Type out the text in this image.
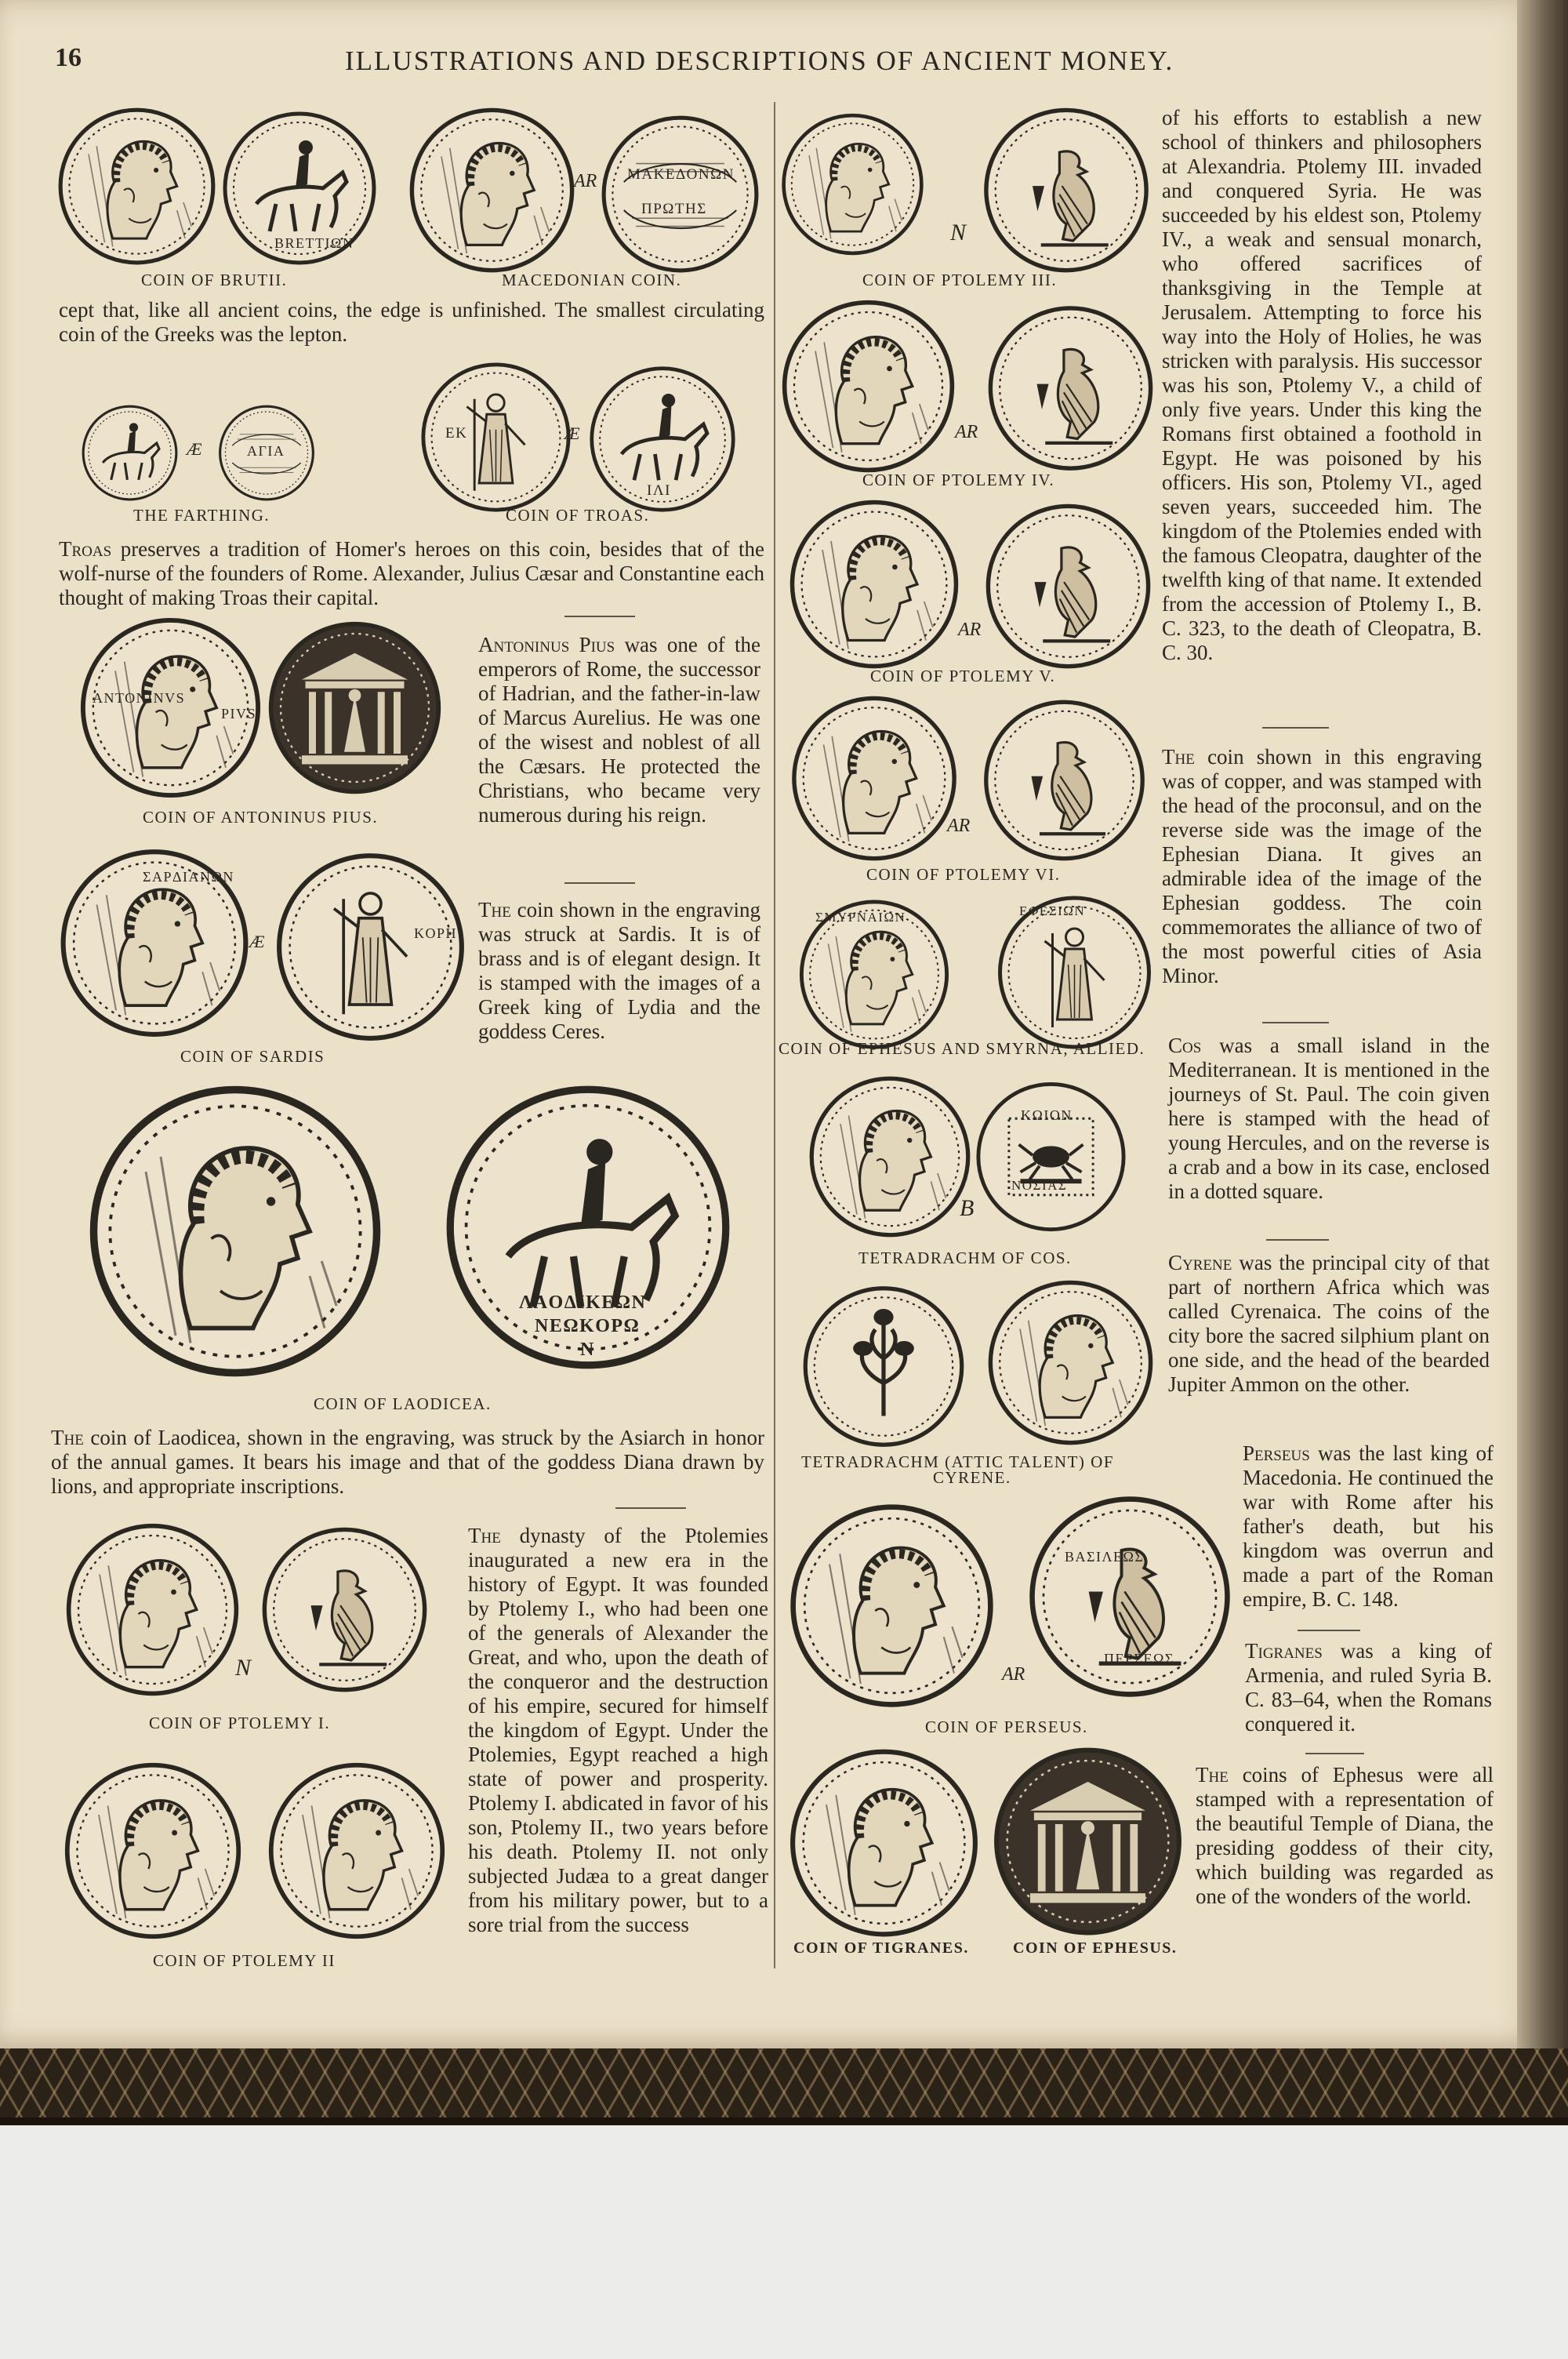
16	ILLUSTRATIONS AND DESCRIPTIONS OF ANCIENT MONEY.
BRETTIΩN
COIN OF BRUTII.
MAKEΔONΩN
ΠPΩTHΣ
AR
MACEDONIAN COIN.

cept that, like all ancient coins, the edge is unfinished. The smallest circulating coin of the Greeks was the lepton.

AΓIA
Æ
THE FARTHING.
ΕΚ
ΙΛΙ
Æ
COIN OF TROAS.

Troas preserves a tradition of Homer's heroes on this coin, besides that of the wolf-nurse of the founders of Rome. Alexander, Julius Cæsar and Constantine each thought of making Troas their capital.

ANTONINVS
PIVS
COIN OF ANTONINUS PIUS.

Antoninus Pius was one of the emperors of Rome, the successor of Hadrian, and the father-in-law of Marcus Aurelius. He was one of the wisest and noblest of all the Cæsars. He protected the Christians, who became very numerous during his reign.

ΣAPΔIANΩN
KOPH
Æ
COIN OF SARDIS

The coin shown in the engraving was struck at Sardis. It is of brass and is of elegant design. It is stamped with the images of a Greek king of Lydia and the goddess Ceres.

ΛAOΔIKEΩN
NEΩKOPΩ
N
COIN OF LAODICEA.

The coin of Laodicea, shown in the engraving, was struck by the Asiarch in honor of the annual games. It bears his image and that of the goddess Diana drawn by lions, and appropriate inscriptions.

N
COIN OF PTOLEMY I.
COIN OF PTOLEMY II

The dynasty of the Ptolemies inaugurated a new era in the history of Egypt. It was founded by Ptolemy I., who had been one of the generals of Alexander the Great, and who, upon the death of the conqueror and the destruction of his empire, secured for himself the kingdom of Egypt. Under the Ptolemies, Egypt reached a high state of power and prosperity. Ptolemy I. abdicated in favor of his son, Ptolemy II., two years before his death. Ptolemy II. not only subjected Judæa to a great danger from his military power, but to a sore trial from the success

N
COIN OF PTOLEMY III.
AR
COIN OF PTOLEMY IV.
AR
COIN OF PTOLEMY V.
AR
COIN OF PTOLEMY VI.
ΣMYPNAIΩN	EΦEΣIΩN
COIN OF EPHESUS AND SMYRNA, ALLIED.
KΩION
NOΣIAΣ
B
TETRADRACHM OF COS.
TETRADRACHM (ATTIC TALENT) OF
CYRENE.
BAΣIΛEΩΣ
ΠEPΣEΩΣ
AR
COIN OF PERSEUS.
COIN OF TIGRANES.	COIN OF EPHESUS.

of his efforts to establish a new school of thinkers and philosophers at Alexandria. Ptolemy III. invaded and conquered Syria. He was succeeded by his eldest son, Ptolemy IV., a weak and sensual monarch, who offered sacrifices of thanksgiving in the Temple at Jerusalem. Attempting to force his way into the Holy of Holies, he was stricken with paralysis. His successor was his son, Ptolemy V., a child of only five years. Under this king the Romans first obtained a foothold in Egypt. He was poisoned by his officers. His son, Ptolemy VI., aged seven years, succeeded him. The kingdom of the Ptolemies ended with the famous Cleopatra, daughter of the twelfth king of that name. It extended from the accession of Ptolemy I., B. C. 323, to the death of Cleopatra, B. C. 30.

The coin shown in this engraving was of copper, and was stamped with the head of the proconsul, and on the reverse side was the image of the Ephesian Diana. It gives an admirable idea of the image of the Ephesian goddess. The coin commemorates the alliance of two of the most powerful cities of Asia Minor.

Cos was a small island in the Mediterranean. It is mentioned in the journeys of St. Paul. The coin given here is stamped with the head of young Hercules, and on the reverse is a crab and a bow in its case, enclosed in a dotted square.

Cyrene was the principal city of that part of northern Africa which was called Cyrenaica. The coins of the city bore the sacred silphium plant on one side, and the head of the bearded Jupiter Ammon on the other.

Perseus was the last king of Macedonia. He continued the war with Rome after his father's death, but his kingdom was overrun and made a part of the Roman empire, B. C. 148.

Tigranes was a king of Armenia, and ruled Syria B. C. 83–64, when the Romans conquered it.

The coins of Ephesus were all stamped with a representation of the beautiful Temple of Diana, the presiding goddess of their city, which building was regarded as one of the wonders of the world.
